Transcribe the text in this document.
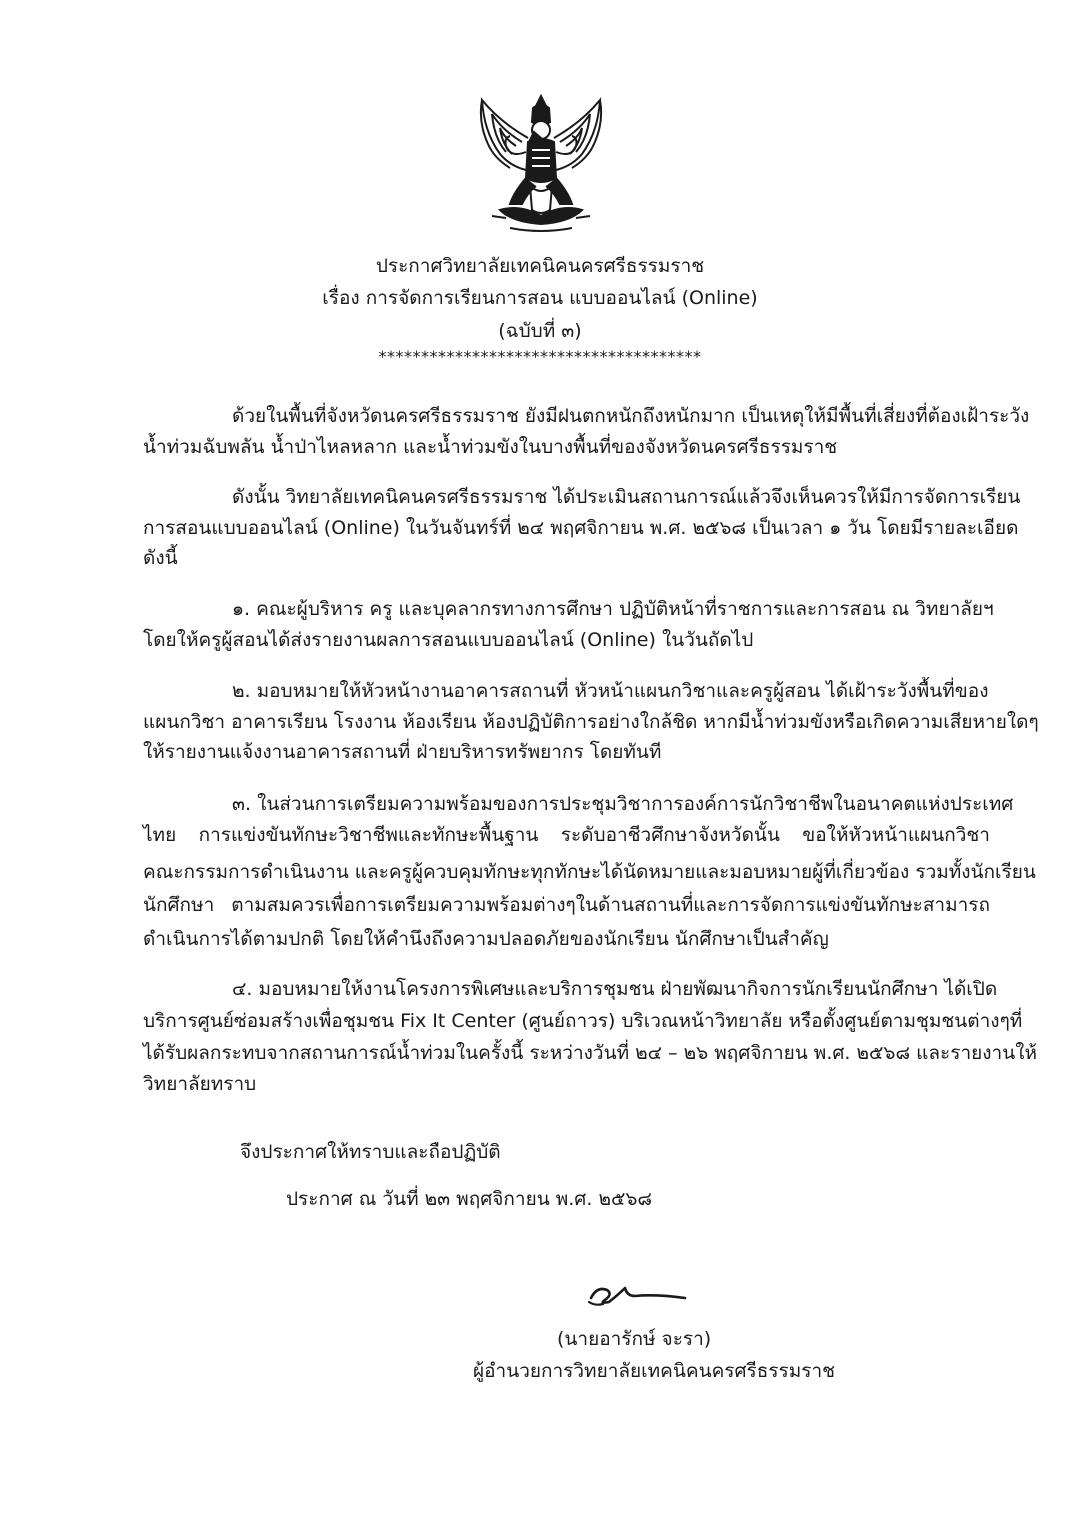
ประกาศวิทยาลัยเทคนิคนครศรีธรรมราช
เรื่อง การจัดการเรียนการสอน แบบออนไลน์ (Online)
(ฉบับที่ ๓)
**************************************
ด้วยในพื้นที่จังหวัดนครศรีธรรมราช ยังมีฝนตกหนักถึงหนักมาก เป็นเหตุให้มีพื้นที่เสี่ยงที่ต้องเฝ้าระวัง
น้ำท่วมฉับพลัน น้ำป่าไหลหลาก และน้ำท่วมขังในบางพื้นที่ของจังหวัดนครศรีธรรมราช
ดังนั้น วิทยาลัยเทคนิคนครศรีธรรมราช ได้ประเมินสถานการณ์แล้วจึงเห็นควรให้มีการจัดการเรียน
การสอนแบบออนไลน์ (Online) ในวันจันทร์ที่ ๒๔ พฤศจิกายน พ.ศ. ๒๕๖๘ เป็นเวลา ๑ วัน โดยมีรายละเอียด
ดังนี้
๑. คณะผู้บริหาร ครู และบุคลากรทางการศึกษา ปฏิบัติหน้าที่ราชการและการสอน ณ วิทยาลัยฯ
โดยให้ครูผู้สอนได้ส่งรายงานผลการสอนแบบออนไลน์ (Online) ในวันถัดไป
๒. มอบหมายให้หัวหน้างานอาคารสถานที่ หัวหน้าแผนกวิชาและครูผู้สอน ได้เฝ้าระวังพื้นที่ของ
แผนกวิชา อาคารเรียน โรงงาน ห้องเรียน ห้องปฏิบัติการอย่างใกล้ชิด หากมีน้ำท่วมขังหรือเกิดความเสียหายใดๆ
ให้รายงานแจ้งงานอาคารสถานที่ ฝ่ายบริหารทรัพยากร โดยทันที
๓. ในส่วนการเตรียมความพร้อมของการประชุมวิชาการองค์การนักวิชาชีพในอนาคตแห่งประเทศ
ไทย การแข่งขันทักษะวิชาชีพและทักษะพื้นฐาน ระดับอาชีวศึกษาจังหวัดนั้น ขอให้หัวหน้าแผนกวิชา
คณะกรรมการดำเนินงาน และครูผู้ควบคุมทักษะทุกทักษะได้นัดหมายและมอบหมายผู้ที่เกี่ยวข้อง รวมทั้งนักเรียน
นักศึกษา ตามสมควรเพื่อการเตรียมความพร้อมต่างๆในด้านสถานที่และการจัดการแข่งขันทักษะสามารถ
ดำเนินการได้ตามปกติ โดยให้คำนึงถึงความปลอดภัยของนักเรียน นักศึกษาเป็นสำคัญ
๔. มอบหมายให้งานโครงการพิเศษและบริการชุมชน ฝ่ายพัฒนากิจการนักเรียนนักศึกษา ได้เปิด
บริการศูนย์ซ่อมสร้างเพื่อชุมชน Fix It Center (ศูนย์ถาวร) บริเวณหน้าวิทยาลัย หรือตั้งศูนย์ตามชุมชนต่างๆที่
ได้รับผลกระทบจากสถานการณ์น้ำท่วมในครั้งนี้ ระหว่างวันที่ ๒๔ – ๒๖ พฤศจิกายน พ.ศ. ๒๕๖๘ และรายงานให้
วิทยาลัยทราบ
จึงประกาศให้ทราบและถือปฏิบัติ
ประกาศ ณ วันที่ ๒๓ พฤศจิกายน พ.ศ. ๒๕๖๘
(นายอารักษ์ จะรา)
ผู้อำนวยการวิทยาลัยเทคนิคนครศรีธรรมราช
